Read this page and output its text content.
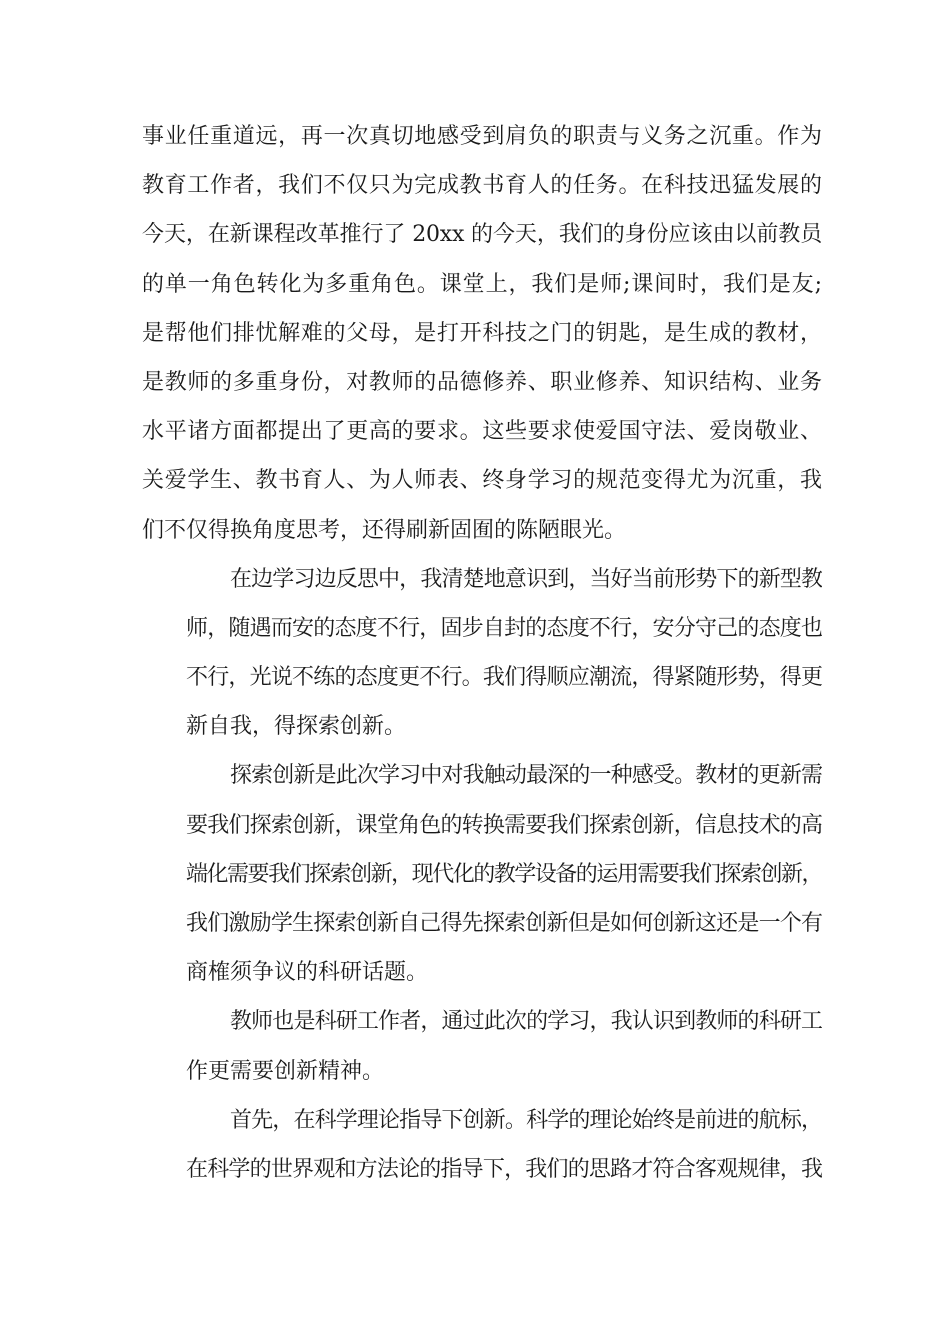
事业任重道远，再一次真切地感受到肩负的职责与义务之沉重。作为
教育工作者，我们不仅只为完成教书育人的任务。在科技迅猛发展的
今天，在新课程改革推行了 20xx 的今天，我们的身份应该由以前教员
的单一角色转化为多重角色。课堂上，我们是师;课间时，我们是友;
是帮他们排忧解难的父母，是打开科技之门的钥匙，是生成的教材，
是教师的多重身份，对教师的品德修养、职业修养、知识结构、业务
水平诸方面都提出了更高的要求。这些要求使爱国守法、爱岗敬业、
关爱学生、教书育人、为人师表、终身学习的规范变得尤为沉重，我
们不仅得换角度思考，还得刷新固囿的陈陋眼光。
在边学习边反思中，我清楚地意识到，当好当前形势下的新型教
师，随遇而安的态度不行，固步自封的态度不行，安分守己的态度也
不行，光说不练的态度更不行。我们得顺应潮流，得紧随形势，得更
新自我，得探索创新。
探索创新是此次学习中对我触动最深的一种感受。教材的更新需
要我们探索创新，课堂角色的转换需要我们探索创新，信息技术的高
端化需要我们探索创新，现代化的教学设备的运用需要我们探索创新，
我们激励学生探索创新自己得先探索创新但是如何创新这还是一个有
商榷须争议的科研话题。
教师也是科研工作者，通过此次的学习，我认识到教师的科研工
作更需要创新精神。
首先，在科学理论指导下创新。科学的理论始终是前进的航标，
在科学的世界观和方法论的指导下，我们的思路才符合客观规律，我
